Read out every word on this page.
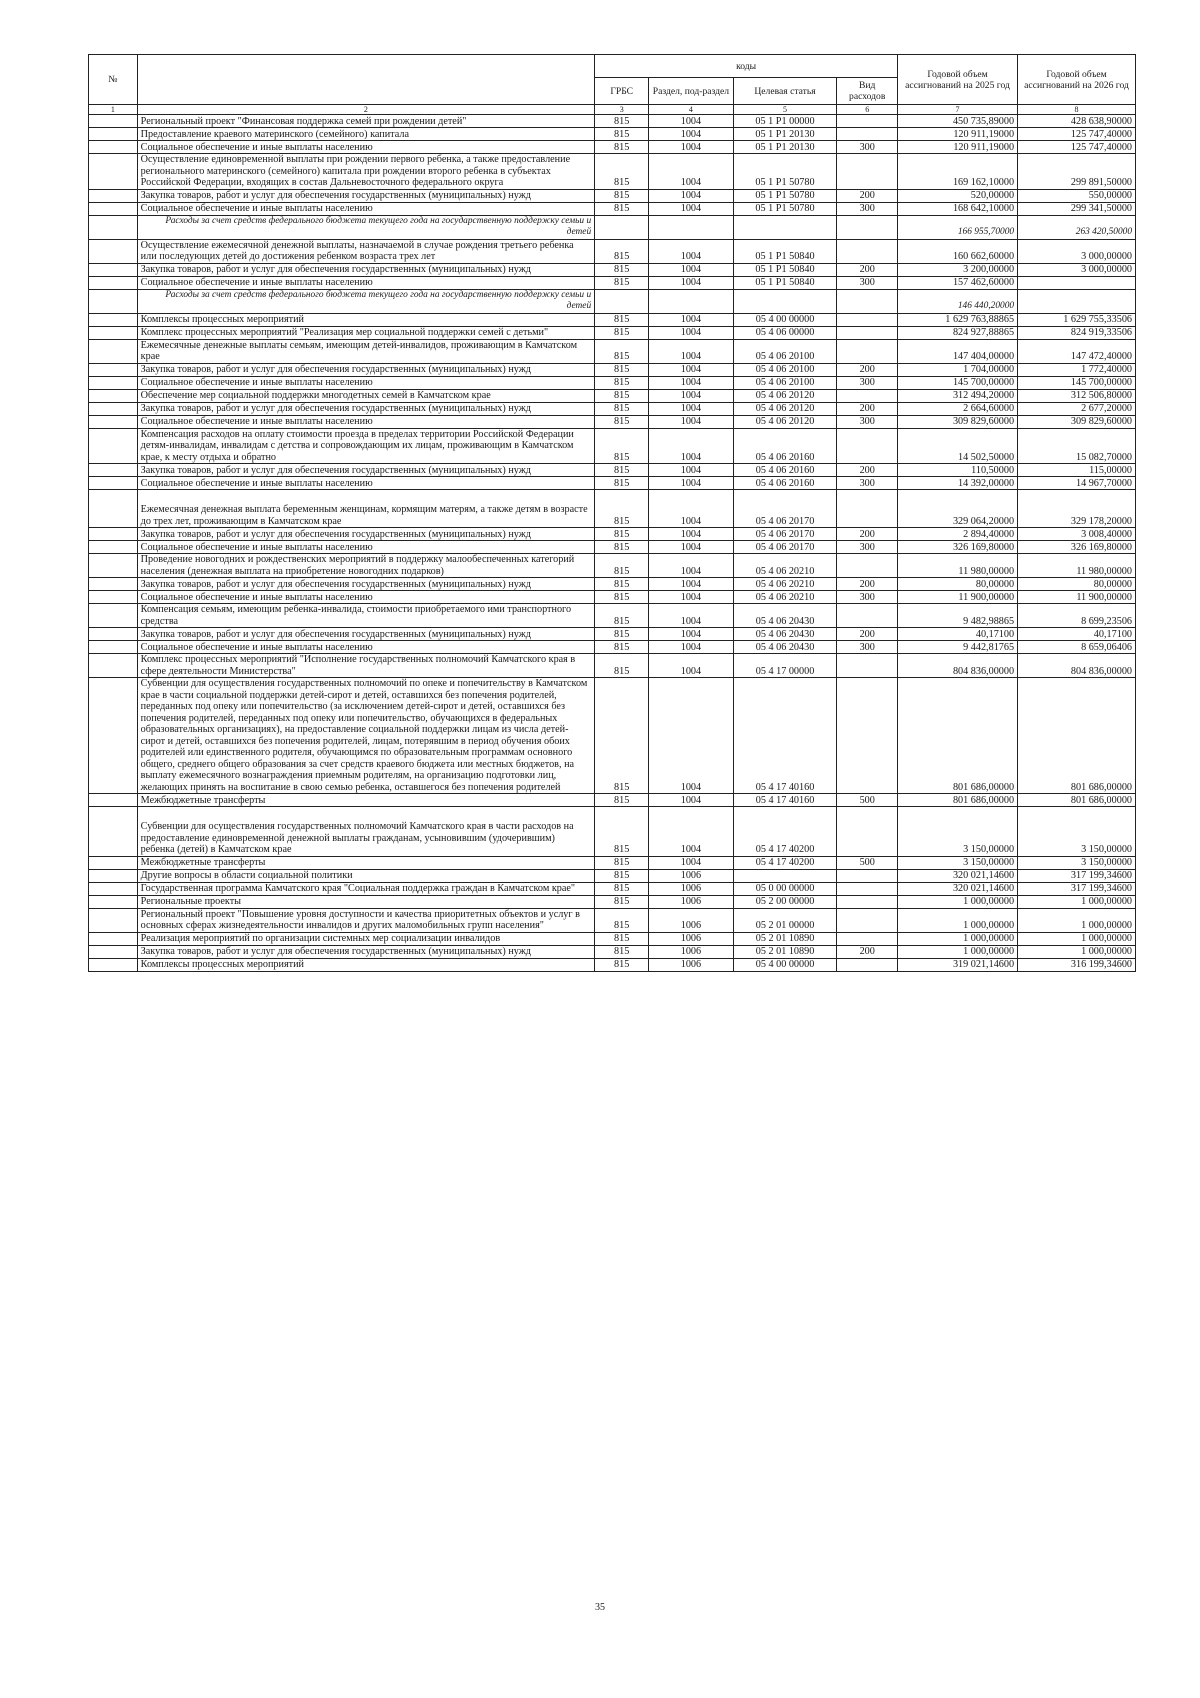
№		коды				Годовой объем ассигнований на 2025 год	Годовой объем ассигнований на 2026 год
		ГРБС	Раздел, под-раздел	Целевая статья	Вид расходов		
1	2	3	4	5	6	7	8
	Региональный проект "Финансовая поддержка семей при рождении детей"	815	1004	05 1 Р1 00000		450 735,89000	428 638,90000
	Предоставление краевого материнского (семейного) капитала	815	1004	05 1 Р1 20130		120 911,19000	125 747,40000
	Социальное обеспечение и иные выплаты населению	815	1004	05 1 Р1 20130	300	120 911,19000	125 747,40000
	Осуществление единовременной выплаты при рождении первого ребенка, а также предоставление регионального материнского (семейного) капитала при рождении второго ребенка в субъектах Российской Федерации, входящих в состав Дальневосточного федерального округа	815	1004	05 1 Р1 50780		169 162,10000	299 891,50000
	Закупка товаров, работ и услуг для обеспечения государственных (муниципальных) нужд	815	1004	05 1 Р1 50780	200	520,00000	550,00000
	Социальное обеспечение и иные выплаты населению	815	1004	05 1 Р1 50780	300	168 642,10000	299 341,50000
	Расходы за счет средств федерального бюджета текущего года на государственную поддержку семьи и детей					166 955,70000	263 420,50000
	Осуществление ежемесячной денежной выплаты, назначаемой в случае рождения третьего ребенка или последующих детей до достижения ребенком возраста трех лет	815	1004	05 1 Р1 50840		160 662,60000	3 000,00000
	Закупка товаров, работ и услуг для обеспечения государственных (муниципальных) нужд	815	1004	05 1 Р1 50840	200	3 200,00000	3 000,00000
	Социальное обеспечение и иные выплаты населению	815	1004	05 1 Р1 50840	300	157 462,60000	
	Расходы за счет средств федерального бюджета текущего года на государственную поддержку семьи и детей					146 440,20000	
	Комплексы процессных мероприятий	815	1004	05 4 00 00000		1 629 763,88865	1 629 755,33506
	Комплекс процессных мероприятий "Реализация мер социальной поддержки семей с детьми"	815	1004	05 4 06 00000		824 927,88865	824 919,33506
	Ежемесячные денежные выплаты семьям, имеющим детей-инвалидов, проживающим в Камчатском крае	815	1004	05 4 06 20100		147 404,00000	147 472,40000
	Закупка товаров, работ и услуг для обеспечения государственных (муниципальных) нужд	815	1004	05 4 06 20100	200	1 704,00000	1 772,40000
	Социальное обеспечение и иные выплаты населению	815	1004	05 4 06 20100	300	145 700,00000	145 700,00000
	Обеспечение мер социальной поддержки многодетных семей в Камчатском крае	815	1004	05 4 06 20120		312 494,20000	312 506,80000
	Закупка товаров, работ и услуг для обеспечения государственных (муниципальных) нужд	815	1004	05 4 06 20120	200	2 664,60000	2 677,20000
	Социальное обеспечение и иные выплаты населению	815	1004	05 4 06 20120	300	309 829,60000	309 829,60000
	Компенсация расходов на оплату стоимости проезда в пределах территории Российской Федерации детям-инвалидам, инвалидам с детства и сопровождающим их лицам, проживающим в Камчатском крае, к месту отдыха и обратно	815	1004	05 4 06 20160		14 502,50000	15 082,70000
	Закупка товаров, работ и услуг для обеспечения государственных (муниципальных) нужд	815	1004	05 4 06 20160	200	110,50000	115,00000
	Социальное обеспечение и иные выплаты населению	815	1004	05 4 06 20160	300	14 392,00000	14 967,70000
	Ежемесячная денежная выплата беременным женщинам, кормящим матерям, а также детям в возрасте до трех лет, проживающим в Камчатском крае	815	1004	05 4 06 20170		329 064,20000	329 178,20000
	Закупка товаров, работ и услуг для обеспечения государственных (муниципальных) нужд	815	1004	05 4 06 20170	200	2 894,40000	3 008,40000
	Социальное обеспечение и иные выплаты населению	815	1004	05 4 06 20170	300	326 169,80000	326 169,80000
	Проведение новогодних и рождественских мероприятий в поддержку малообеспеченных категорий населения (денежная выплата на приобретение новогодних подарков)	815	1004	05 4 06 20210		11 980,00000	11 980,00000
	Закупка товаров, работ и услуг для обеспечения государственных (муниципальных) нужд	815	1004	05 4 06 20210	200	80,00000	80,00000
	Социальное обеспечение и иные выплаты населению	815	1004	05 4 06 20210	300	11 900,00000	11 900,00000
	Компенсация семьям, имеющим ребенка-инвалида, стоимости приобретаемого ими транспортного средства	815	1004	05 4 06 20430		9 482,98865	8 699,23506
	Закупка товаров, работ и услуг для обеспечения государственных (муниципальных) нужд	815	1004	05 4 06 20430	200	40,17100	40,17100
	Социальное обеспечение и иные выплаты населению	815	1004	05 4 06 20430	300	9 442,81765	8 659,06406
	Комплекс процессных мероприятий "Исполнение государственных полномочий Камчатского края в сфере деятельности Министерства"	815	1004	05 4 17 00000		804 836,00000	804 836,00000
	Субвенции для осуществления государственных полномочий по опеке и попечительству в Камчатском крае в части социальной поддержки детей-сирот и детей, оставшихся без попечения родителей, переданных под опеку или попечительство (за исключением детей-сирот и детей, оставшихся без попечения родителей, переданных под опеку или попечительство, обучающихся в федеральных образовательных организациях), на предоставление социальной поддержки лицам из числа детей-сирот и детей, оставшихся без попечения родителей, лицам, потерявшим в период обучения обоих родителей или единственного родителя, обучающимся по образовательным программам основного общего, среднего общего образования за счет средств краевого бюджета или местных бюджетов, на выплату ежемесячного вознаграждения приемным родителям, на организацию подготовки лиц, желающих принять на воспитание в свою семью ребенка, оставшегося без попечения родителей	815	1004	05 4 17 40160		801 686,00000	801 686,00000
	Межбюджетные трансферты	815	1004	05 4 17 40160	500	801 686,00000	801 686,00000
	Субвенции для осуществления государственных полномочий Камчатского края в части расходов на предоставление единовременной денежной выплаты гражданам, усыновившим (удочерившим) ребенка (детей) в Камчатском крае	815	1004	05 4 17 40200		3 150,00000	3 150,00000
	Межбюджетные трансферты	815	1004	05 4 17 40200	500	3 150,00000	3 150,00000
	Другие вопросы в области социальной политики	815	1006			320 021,14600	317 199,34600
	Государственная программа Камчатского края "Социальная поддержка граждан в Камчатском крае"	815	1006	05 0 00 00000		320 021,14600	317 199,34600
	Региональные проекты	815	1006	05 2 00 00000		1 000,00000	1 000,00000
	Региональный проект "Повышение уровня доступности и качества приоритетных объектов и услуг в основных сферах жизнедеятельности инвалидов и других маломобильных групп населения"	815	1006	05 2 01 00000		1 000,00000	1 000,00000
	Реализация мероприятий по организации системных мер социализации инвалидов	815	1006	05 2 01 10890		1 000,00000	1 000,00000
	Закупка товаров, работ и услуг для обеспечения государственных (муниципальных) нужд	815	1006	05 2 01 10890	200	1 000,00000	1 000,00000
	Комплексы процессных мероприятий	815	1006	05 4 00 00000		319 021,14600	316 199,34600
35
